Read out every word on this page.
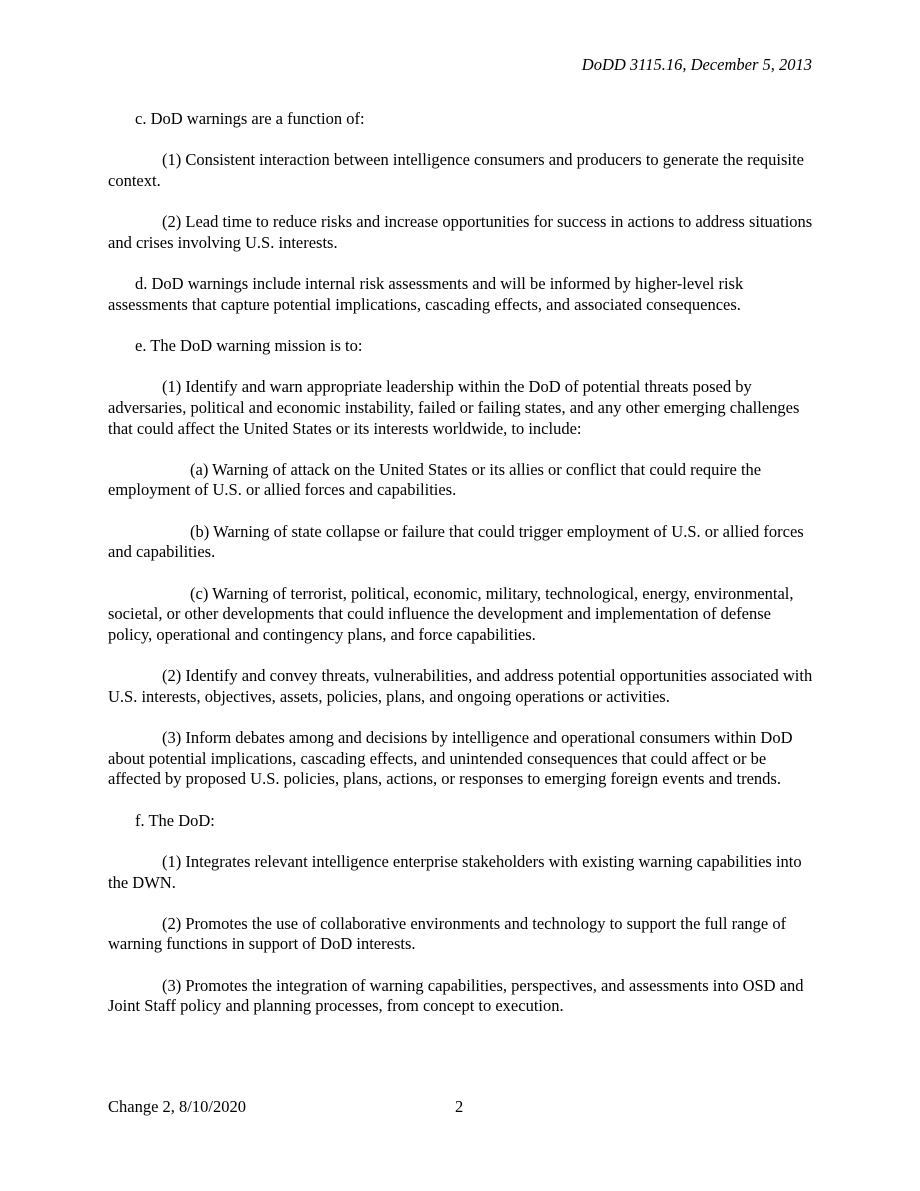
DoDD 3115.16, December 5, 2013

c. DoD warnings are a function of:

(1) Consistent interaction between intelligence consumers and producers to generate the requisite context.

(2) Lead time to reduce risks and increase opportunities for success in actions to address situations and crises involving U.S. interests.

d. DoD warnings include internal risk assessments and will be informed by higher-level risk assessments that capture potential implications, cascading effects, and associated consequences.

e. The DoD warning mission is to:

(1) Identify and warn appropriate leadership within the DoD of potential threats posed by adversaries, political and economic instability, failed or failing states, and any other emerging challenges that could affect the United States or its interests worldwide, to include:

(a) Warning of attack on the United States or its allies or conflict that could require the employment of U.S. or allied forces and capabilities.

(b) Warning of state collapse or failure that could trigger employment of U.S. or allied forces and capabilities.

(c) Warning of terrorist, political, economic, military, technological, energy, environmental, societal, or other developments that could influence the development and implementation of defense policy, operational and contingency plans, and force capabilities.

(2) Identify and convey threats, vulnerabilities, and address potential opportunities associated with U.S. interests, objectives, assets, policies, plans, and ongoing operations or activities.

(3) Inform debates among and decisions by intelligence and operational consumers within DoD about potential implications, cascading effects, and unintended consequences that could affect or be affected by proposed U.S. policies, plans, actions, or responses to emerging foreign events and trends.

f. The DoD:

(1) Integrates relevant intelligence enterprise stakeholders with existing warning capabilities into the DWN.

(2) Promotes the use of collaborative environments and technology to support the full range of warning functions in support of DoD interests.

(3) Promotes the integration of warning capabilities, perspectives, and assessments into OSD and Joint Staff policy and planning processes, from concept to execution.

Change 2, 8/10/2020	2
